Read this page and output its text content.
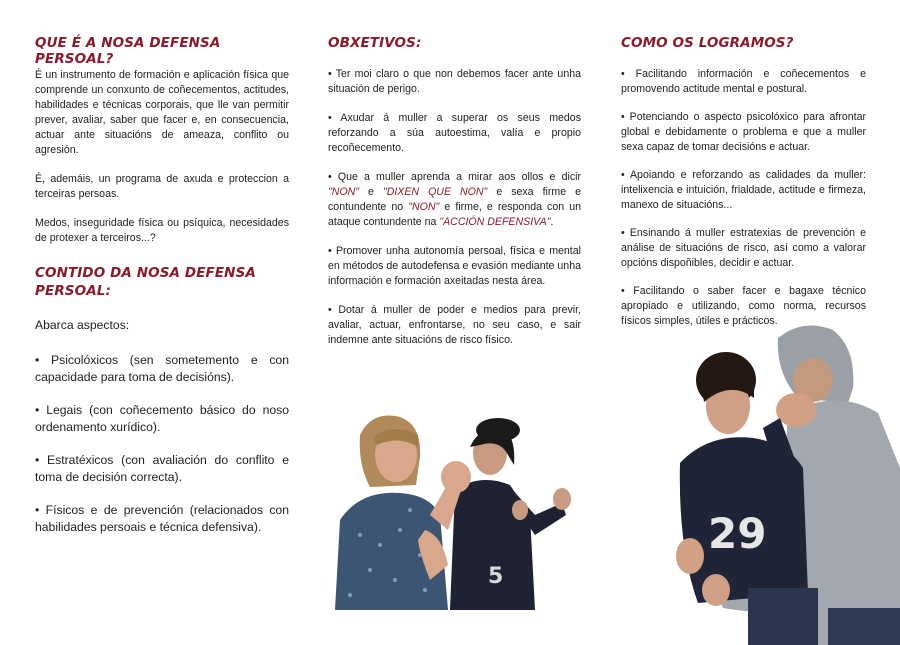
QUE É A NOSA DEFENSA PERSOAL?

É un instrumento de formación e aplicación física que comprende un conxunto de coñecementos, actitudes, habilidades e técnicas corporais, que lle van permitir prever, avaliar, saber que facer e, en consecuencia, actuar ante situacións de ameaza, conflito ou agresión.

É, ademáis, un programa de axuda e proteccion a terceiras persoas.

Medos, inseguridade física ou psíquica, necesidades de protexer a terceiros...?

CONTIDO DA NOSA DEFENSA
PERSOAL:

Abarca aspectos:

• Psicolóxicos (sen sometemento e con capacidade para toma de decisións).

• Legais (con coñecemento básico do noso ordenamento xurídico).

• Estratéxicos (con avaliación do conflito e toma de decisión correcta).

• Físicos e de prevención (relacionados con habilidades persoais e técnica defensiva).

OBXETIVOS:

• Ter moi claro o que non debemos facer ante unha situación de perigo.

• Axudar á muller a superar os seus medos reforzando a súa autoestima, valía e propio recoñecemento.

• Que a muller aprenda a mirar aos ollos e dicir "NON" e "DIXEN QUE NON" e sexa firme e contundente no "NON" e firme, e responda con un ataque contundente na "ACCIÓN DEFENSIVA".

• Promover unha autonomía persoal, física e mental en métodos de autodefensa e evasión mediante unha información e formación axeitadas nesta área.

• Dotar á muller de poder e medios para previr, avaliar, actuar, enfrontarse, no seu caso, e sair indemne ante situacións de risco físico.

COMO OS LOGRAMOS?

• Facilitando información e coñecementos e promovendo actitude mental e postural.

• Potenciando o aspecto psicolóxico para afrontar global e debidamente o problema e que a muller sexa capaz de tomar decisións e actuar.

• Apoiando e reforzando as calidades da muller: intelixencia e intuición, frialdade, actitude e firmeza, manexo de situacións...

• Ensinando á muller estratexias de prevención e análise de situacións de risco, así como a valorar opcións dispoñibles, decidir e actuar.

• Facilitando o saber facer e bagaxe técnico apropiado e utilizando, como norma, recursos físicos simples, útiles e prácticos.

5
29
